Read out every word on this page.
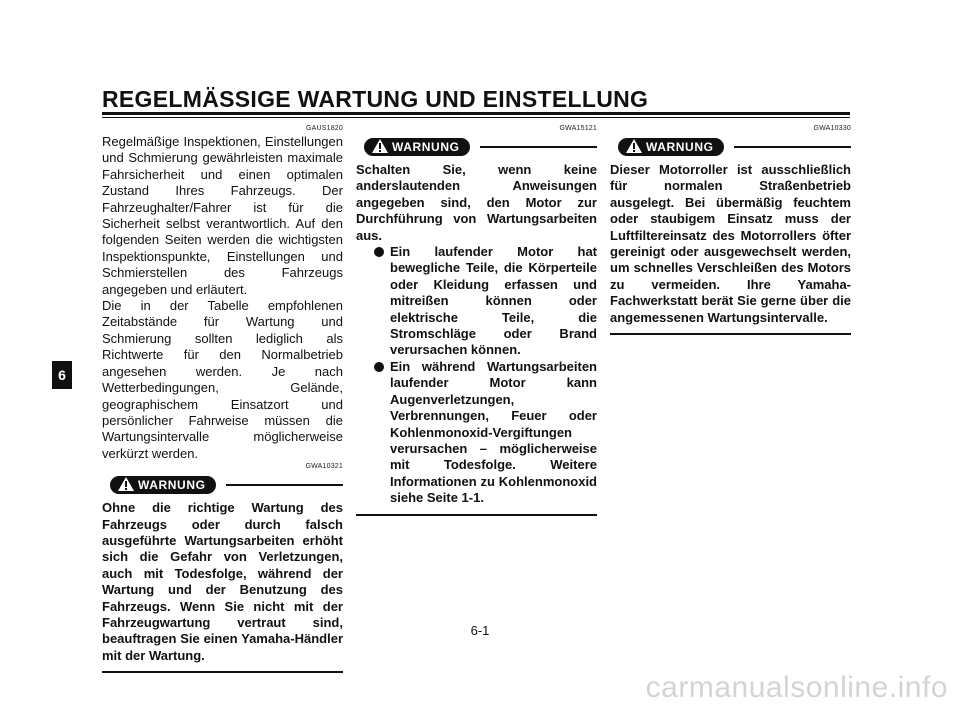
REGELMÄSSIGE WARTUNG UND EINSTELLUNG
6
GAUS1820

Regelmäßige Inspektionen, Einstellungen und Schmierung gewährleisten maximale Fahrsicherheit und einen optimalen Zustand Ihres Fahrzeugs. Der Fahrzeughalter/Fahrer ist für die Sicherheit selbst verantwortlich. Auf den folgenden Seiten werden die wichtigsten Inspektionspunkte, Einstellungen und Schmierstellen des Fahrzeugs angegeben und erläutert.

Die in der Tabelle empfohlenen Zeitabstände für Wartung und Schmierung sollten lediglich als Richtwerte für den Normalbetrieb angesehen werden. Je nach Wetterbedingungen, Gelände, geographischem Einsatzort und persönlicher Fahrweise müssen die Wartungsintervalle möglicherweise verkürzt werden.

GWA10321
WARNUNG

Ohne die richtige Wartung des Fahrzeugs oder durch falsch ausgeführte Wartungsarbeiten erhöht sich die Gefahr von Verletzungen, auch mit Todesfolge, während der Wartung und der Benutzung des Fahrzeugs. Wenn Sie nicht mit der Fahrzeugwartung vertraut sind, beauftragen Sie einen Yamaha-Händler mit der Wartung.

GWA15121
WARNUNG

Schalten Sie, wenn keine anderslautenden Anweisungen angegeben sind, den Motor zur Durchführung von Wartungsarbeiten aus.

Ein laufender Motor hat bewegliche Teile, die Körperteile oder Kleidung erfassen und mitreißen können oder elektrische Teile, die Stromschläge oder Brand verursachen können.
Ein während Wartungsarbeiten laufender Motor kann Augenverletzungen, Verbrennungen, Feuer oder Kohlenmonoxid-Vergiftungen verursachen – möglicherweise mit Todesfolge. Weitere Informationen zu Kohlenmonoxid siehe Seite 1-1.
GWA10330
WARNUNG

Dieser Motorroller ist ausschließlich für normalen Straßenbetrieb ausgelegt. Bei übermäßig feuchtem oder staubigem Einsatz muss der Luftfiltereinsatz des Motorrollers öfter gereinigt oder ausgewechselt werden, um schnelles Verschleißen des Motors zu vermeiden. Ihre Yamaha-Fachwerkstatt berät Sie gerne über die angemessenen Wartungsintervalle.

6-1
carmanualsonline.info
